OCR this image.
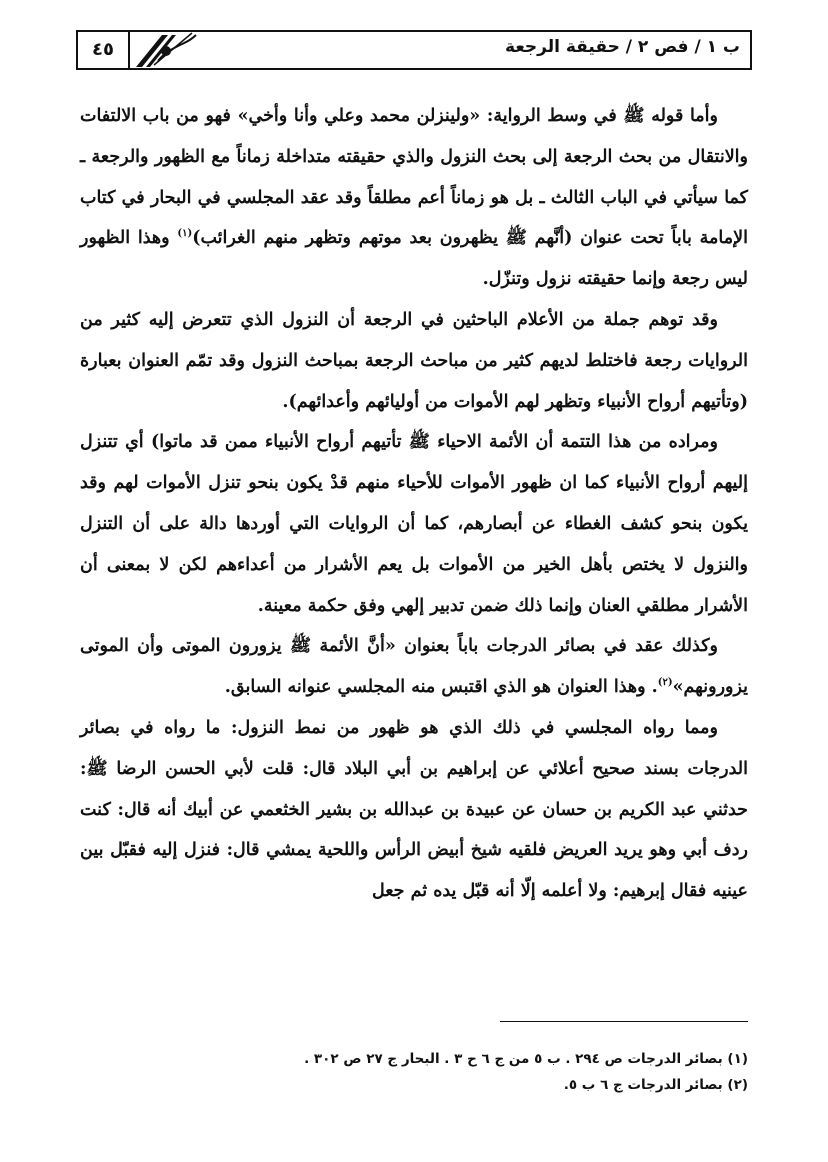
٤٥	ب ١ / فص ٢ / حقيقة الرجعة

وأما قوله ﷺ في وسط الرواية: «ولينزلن محمد وعلي وأنا وأخي» فهو من باب الالتفات والانتقال من بحث الرجعة إلى بحث النزول والذي حقيقته متداخلة زماناً مع الظهور والرجعة ـ كما سيأتي في الباب الثالث ـ بل هو زماناً أعم مطلقاً وقد عقد المجلسي في البحار في كتاب الإمامة باباً تحت عنوان (أنَّهم ﷺ يظهرون بعد موتهم وتظهر منهم الغرائب)$^{(١)}$ وهذا الظهور ليس رجعة وإنما حقيقته نزول وتنزّل.

وقد توهم جملة من الأعلام الباحثين في الرجعة أن النزول الذي تتعرض إليه كثير من الروايات رجعة فاختلط لديهم كثير من مباحث الرجعة بمباحث النزول وقد تمّم العنوان بعبارة (وتأتيهم أرواح الأنبياء وتظهر لهم الأموات من أوليائهم وأعدائهم).

ومراده من هذا التتمة أن الأئمة الاحياء ﷺ تأتيهم أرواح الأنبياء ممن قد ماتوا) أي تتنزل إليهم أرواح الأنبياء كما ان ظهور الأموات للأحياء منهم قدْ يكون بنحو تنزل الأموات لهم وقد يكون بنحو كشف الغطاء عن أبصارهم، كما أن الروايات التي أوردها دالة على أن التنزل والنزول لا يختص بأهل الخير من الأموات بل يعم الأشرار من أعداءهم لكن لا بمعنى أن الأشرار مطلقي العنان وإنما ذلك ضمن تدبير إلهي وفق حكمة معينة.

وكذلك عقد في بصائر الدرجات باباً بعنوان «أنَّ الأئمة ﷺ يزورون الموتى وأن الموتى يزورونهم»$^{(٢)}$. وهذا العنوان هو الذي اقتبس منه المجلسي عنوانه السابق.

ومما رواه المجلسي في ذلك الذي هو ظهور من نمط النزول: ما رواه في بصائر الدرجات بسند صحيح أعلائي عن إبراهيم بن أبي البلاد قال: قلت لأبي الحسن الرضا ﷺ: حدثني عبد الكريم بن حسان عن عبيدة بن عبدالله بن بشير الخثعمي عن أبيك أنه قال: كنت ردف أبي وهو يريد العريض فلقيه شيخ أبيض الرأس واللحية يمشي قال: فنزل إليه فقبّل بين عينيه فقال إبرهيم: ولا أعلمه إلّا أنه قبّل يده ثم جعل

(١) بصائر الدرجات ص ٢٩٤ . ب ٥ من ج ٦ ح ٣ . البحار ج ٢٧ ص ٣٠٢ .
(٢) بصائر الدرجات ج ٦ ب ٥.
